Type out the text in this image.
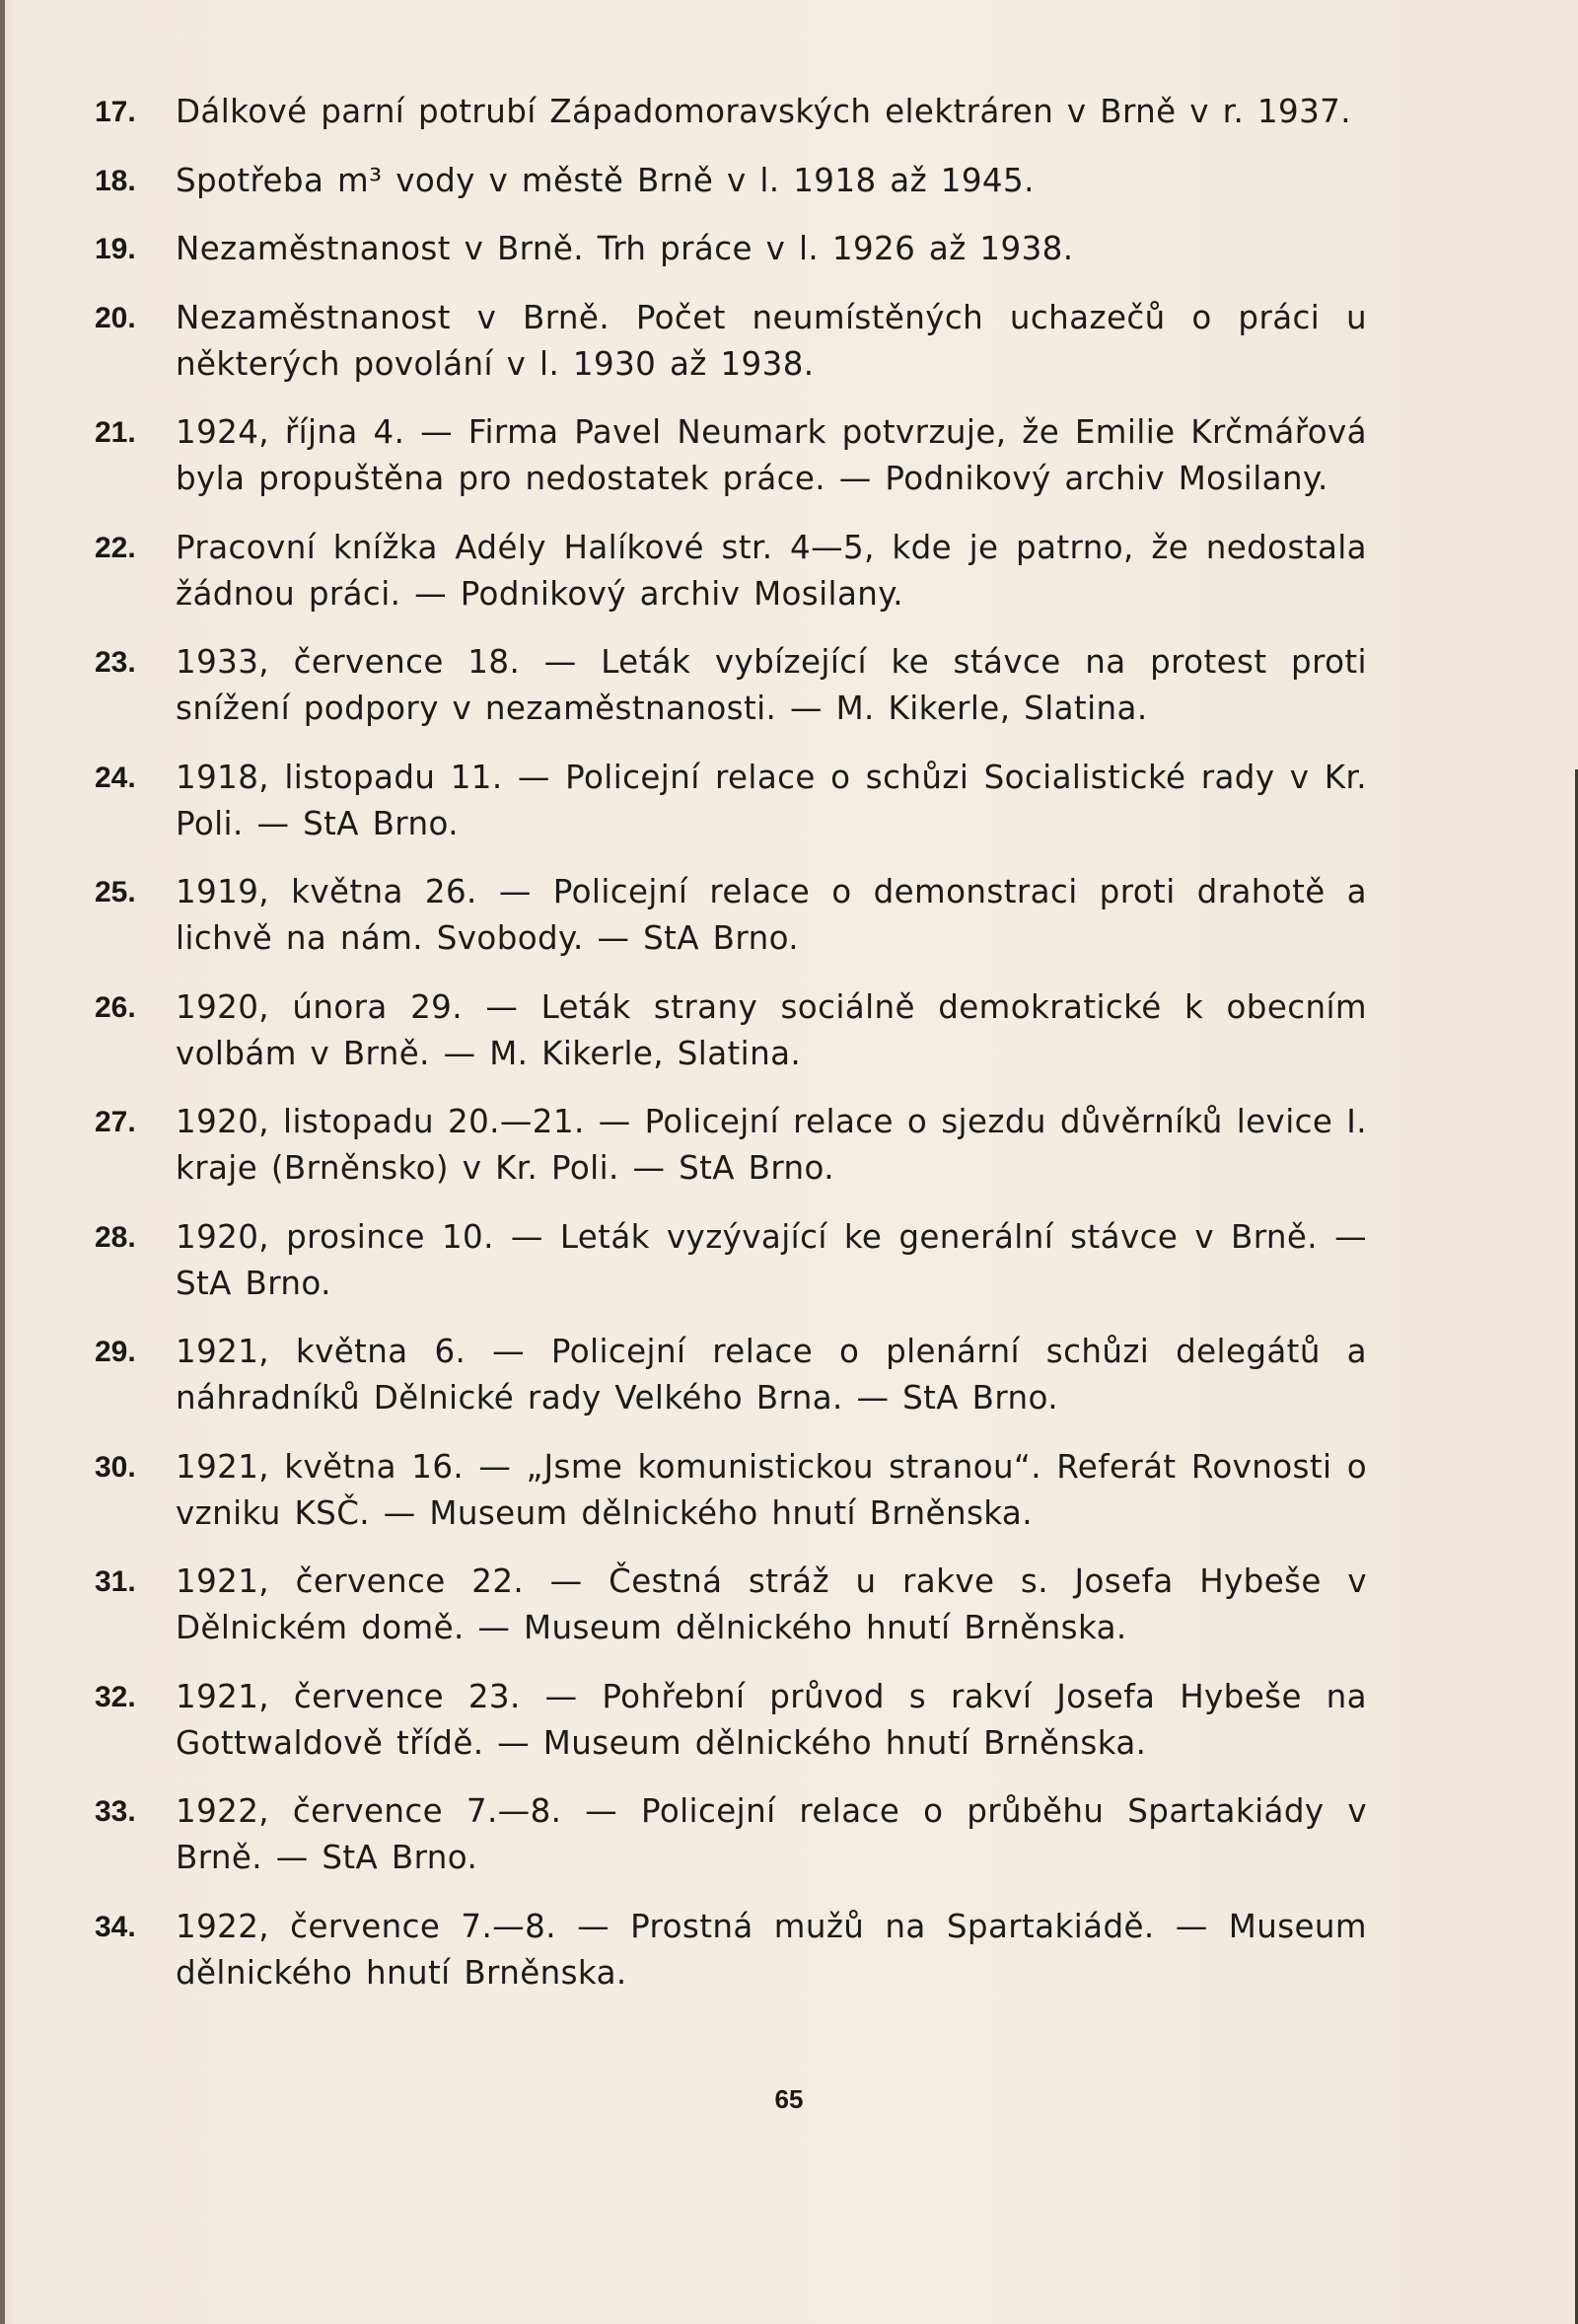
17.	Dálkové parní potrubí Západomoravských elektráren v Brně v r. 1937.
18.	Spotřeba m³ vody v městě Brně v l. 1918 až 1945.
19.	Nezaměstnanost v Brně. Trh práce v l. 1926 až 1938.
20.	Nezaměstnanost v Brně. Počet neumístěných uchazečů o práci u některých povolání v l. 1930 až 1938.
21.	1924, října 4. — Firma Pavel Neumark potvrzuje, že Emilie Krčmářová byla propuštěna pro nedostatek práce. — Podnikový archiv Mosilany.
22.	Pracovní knížka Adély Halíkové str. 4—5, kde je patrno, že nedostala žádnou práci. — Podnikový archiv Mosilany.
23.	1933, července 18. — Leták vybízející ke stávce na protest proti snížení podpory v nezaměstnanosti. — M. Kikerle, Slatina.
24.	1918, listopadu 11. — Policejní relace o schůzi Socialistické rady v Kr. Poli. — StA Brno.
25.	1919, května 26. — Policejní relace o demonstraci proti drahotě a lichvě na nám. Svobody. — StA Brno.
26.	1920, února 29. — Leták strany sociálně demokratické k obecním volbám v Brně. — M. Kikerle, Slatina.
27.	1920, listopadu 20.—21. — Policejní relace o sjezdu důvěrníků levice I. kraje (Brněnsko) v Kr. Poli. — StA Brno.
28.	1920, prosince 10. — Leták vyzývající ke generální stávce v Brně. — StA Brno.
29.	1921, května 6. — Policejní relace o plenární schůzi delegátů a náhradníků Dělnické rady Velkého Brna. — StA Brno.
30.	1921, května 16. — „Jsme komunistickou stranou“. Referát Rovnosti o vzniku KSČ. — Museum dělnického hnutí Brněnska.
31.	1921, července 22. — Čestná stráž u rakve s. Josefa Hybeše v Dělnickém domě. — Museum dělnického hnutí Brněnska.
32.	1921, července 23. — Pohřební průvod s rakví Josefa Hybeše na Gottwaldově třídě. — Museum dělnického hnutí Brněnska.
33.	1922, července 7.—8. — Policejní relace o průběhu Spartakiády v Brně. — StA Brno.
34.	1922, července 7.—8. — Prostná mužů na Spartakiádě. — Museum dělnického hnutí Brněnska.
65
